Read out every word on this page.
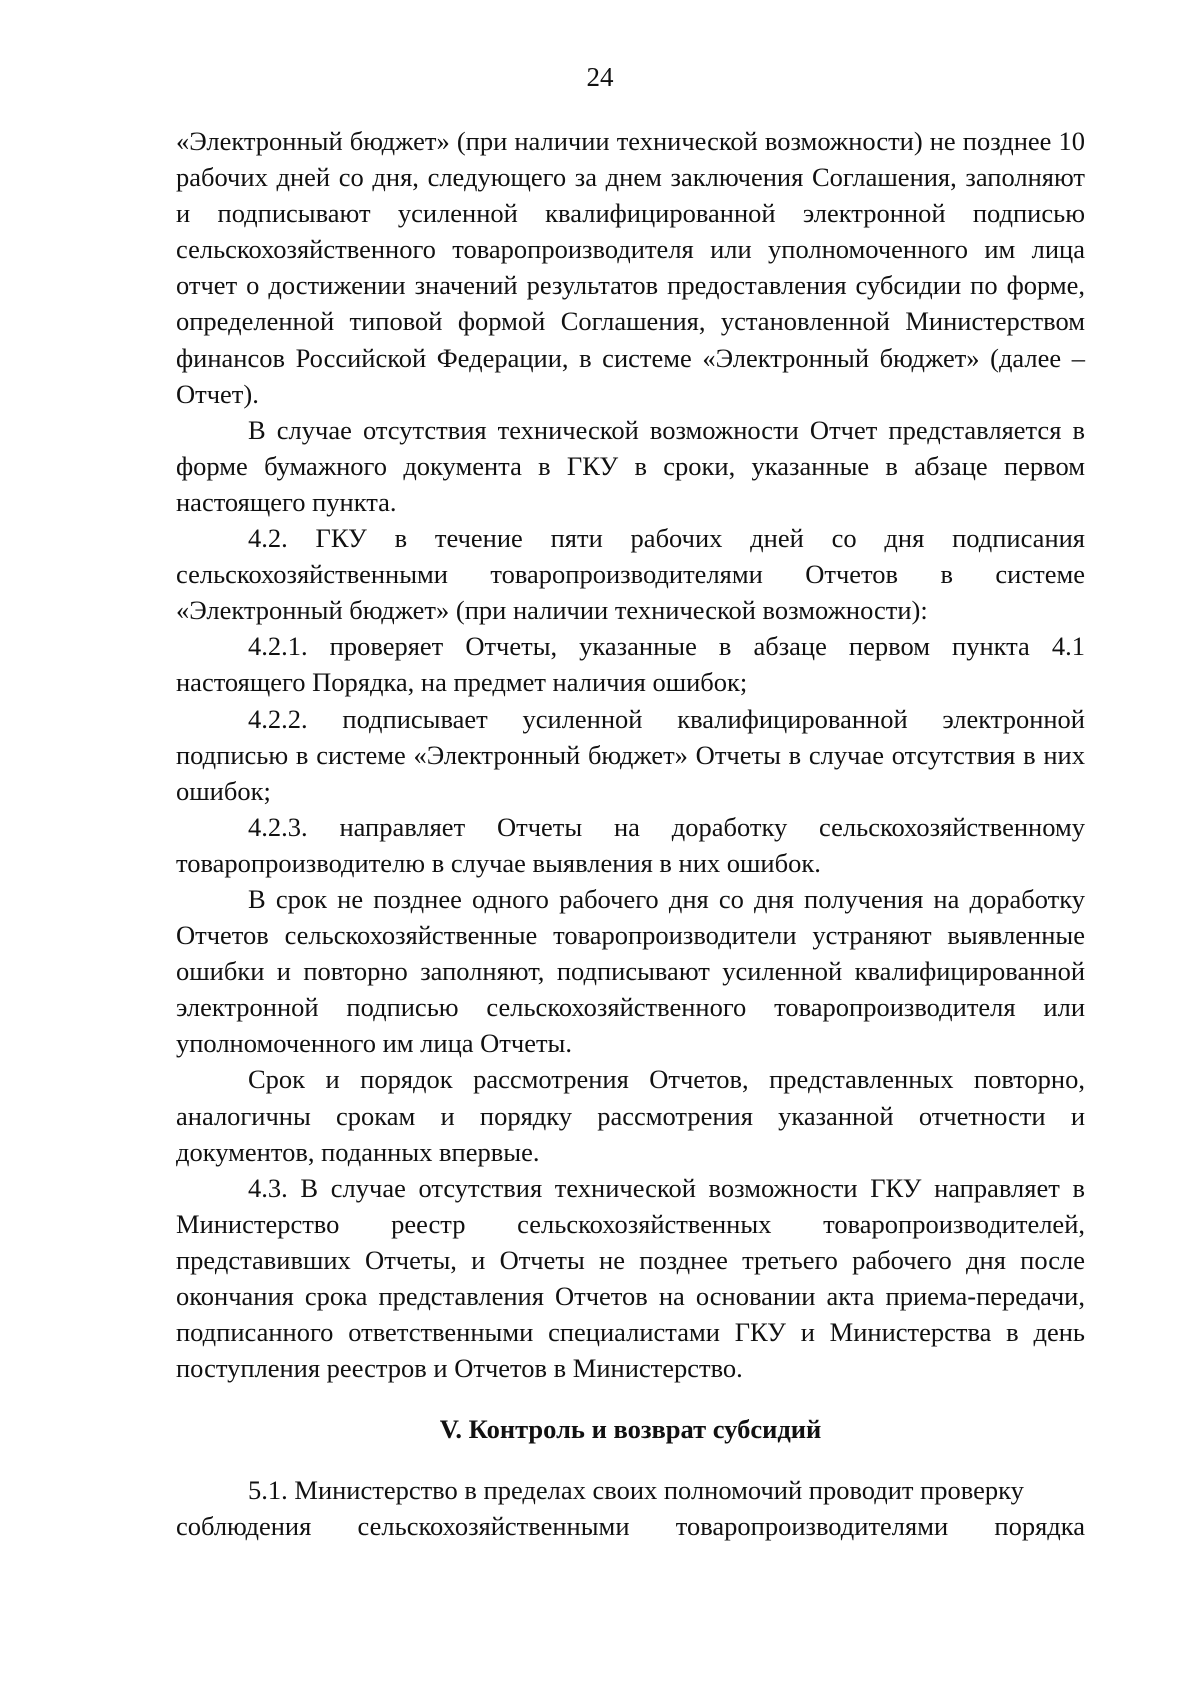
24

«Электронный бюджет» (при наличии технической возможности) не позднее 10 рабочих дней со дня, следующего за днем заключения Соглашения, заполняют и подписывают усиленной квалифицированной электронной подписью сельскохозяйственного товаропроизводителя или уполномоченного им лица отчет о достижении значений результатов предоставления субсидии по форме, определенной типовой формой Соглашения, установленной Министерством финансов Российской Федерации, в системе «Электронный бюджет» (далее – Отчет).

В случае отсутствия технической возможности Отчет представляется в форме бумажного документа в ГКУ в сроки, указанные в абзаце первом настоящего пункта.

4.2. ГКУ в течение пяти рабочих дней со дня подписания сельскохозяйственными товаропроизводителями Отчетов в системе «Электронный бюджет» (при наличии технической возможности):

4.2.1. проверяет Отчеты, указанные в абзаце первом пункта 4.1 настоящего Порядка, на предмет наличия ошибок;

4.2.2. подписывает усиленной квалифицированной электронной подписью в системе «Электронный бюджет» Отчеты в случае отсутствия в них ошибок;

4.2.3. направляет Отчеты на доработку сельскохозяйственному товаропроизводителю в случае выявления в них ошибок.

В срок не позднее одного рабочего дня со дня получения на доработку Отчетов сельскохозяйственные товаропроизводители устраняют выявленные ошибки и повторно заполняют, подписывают усиленной квалифицированной электронной подписью сельскохозяйственного товаропроизводителя или уполномоченного им лица Отчеты.

Срок и порядок рассмотрения Отчетов, представленных повторно, аналогичны срокам и порядку рассмотрения указанной отчетности и документов, поданных впервые.

4.3. В случае отсутствия технической возможности ГКУ направляет в Министерство реестр сельскохозяйственных товаропроизводителей, представивших Отчеты, и Отчеты не позднее третьего рабочего дня после окончания срока представления Отчетов на основании акта приема-передачи, подписанного ответственными специалистами ГКУ и Министерства в день поступления реестров и Отчетов в Министерство.

V. Контроль и возврат субсидий

5.1. Министерство в пределах своих полномочий проводит проверку

соблюдения сельскохозяйственными товаропроизводителями порядка
